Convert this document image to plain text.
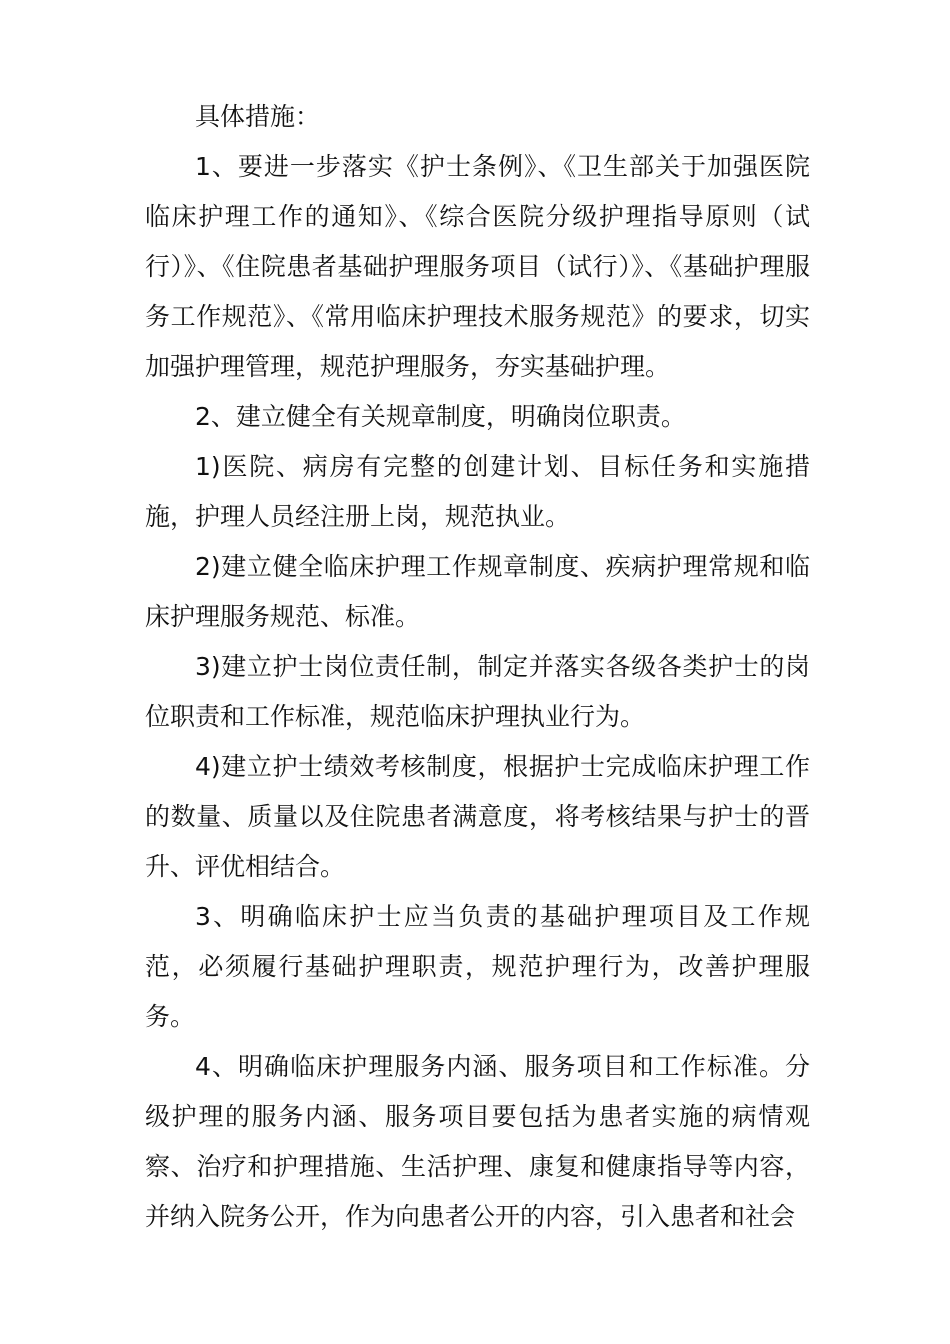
具体措施：

1、要进一步落实《护士条例》、《卫生部关于加强医院临床护理工作的通知》、《综合医院分级护理指导原则（试行）》、《住院患者基础护理服务项目（试行）》、《基础护理服务工作规范》、《常用临床护理技术服务规范》的要求，切实加强护理管理，规范护理服务，夯实基础护理。

2、建立健全有关规章制度，明确岗位职责。

1)医院、病房有完整的创建计划、目标任务和实施措施，护理人员经注册上岗，规范执业。

2)建立健全临床护理工作规章制度、疾病护理常规和临床护理服务规范、标准。

3)建立护士岗位责任制，制定并落实各级各类护士的岗位职责和工作标准，规范临床护理执业行为。

4)建立护士绩效考核制度，根据护士完成临床护理工作的数量、质量以及住院患者满意度，将考核结果与护士的晋升、评优相结合。

3、明确临床护士应当负责的基础护理项目及工作规范，必须履行基础护理职责，规范护理行为，改善护理服务。

4、明确临床护理服务内涵、服务项目和工作标准。分级护理的服务内涵、服务项目要包括为患者实施的病情观察、治疗和护理措施、生活护理、康复和健康指导等内容，并纳入院务公开，作为向患者公开的内容，引入患者和社会
